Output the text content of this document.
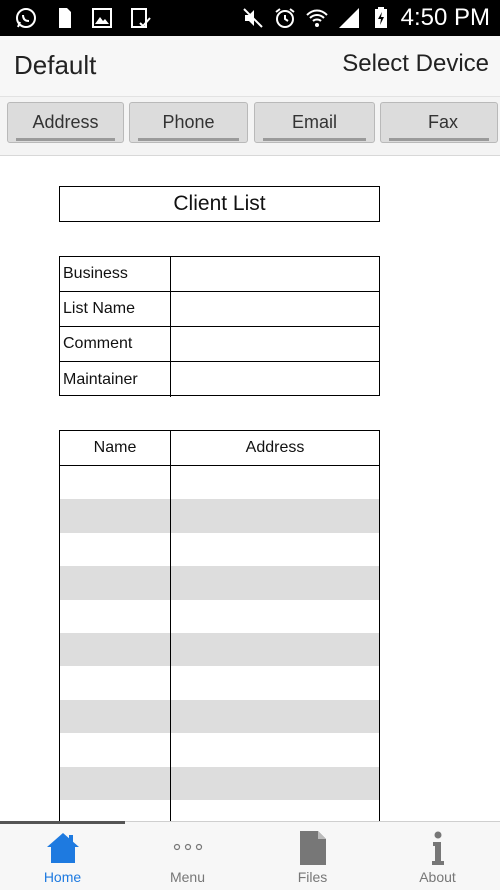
4:50 PM
Default	Select Device
Address	Phone	Email	Fax
Client List
Business
List Name
Comment
Maintainer
Name	Address
Home	Menu	Files	About
